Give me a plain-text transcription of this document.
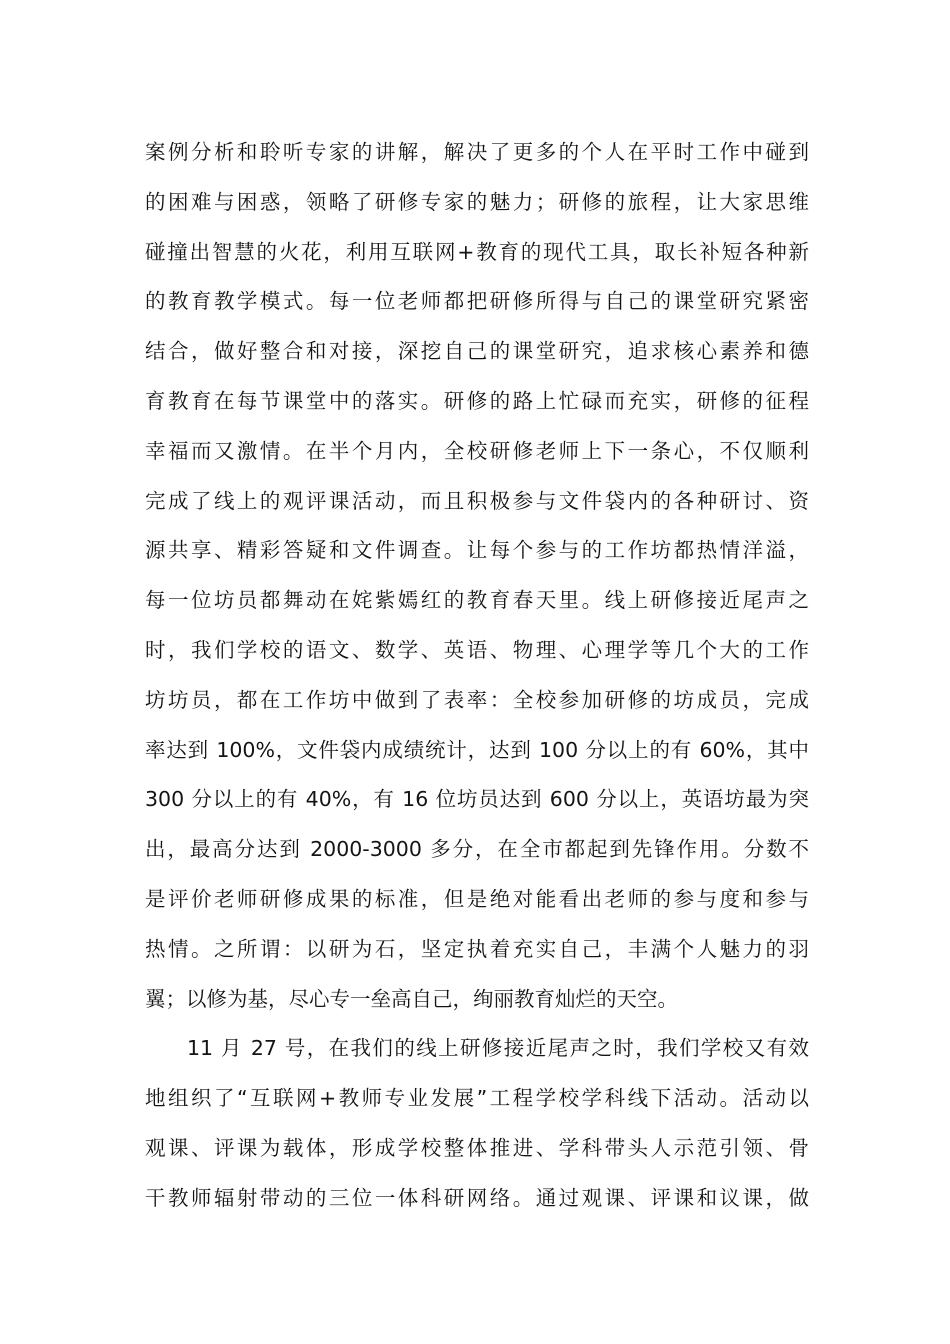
案例分析和聆听专家的讲解，解决了更多的个人在平时工作中碰到
的困难与困惑，领略了研修专家的魅力；研修的旅程，让大家思维
碰撞出智慧的火花，利用互联网+教育的现代工具，取长补短各种新
的教育教学模式。每一位老师都把研修所得与自己的课堂研究紧密
结合，做好整合和对接，深挖自己的课堂研究，追求核心素养和德
育教育在每节课堂中的落实。研修的路上忙碌而充实，研修的征程
幸福而又激情。在半个月内，全校研修老师上下一条心，不仅顺利
完成了线上的观评课活动，而且积极参与文件袋内的各种研讨、资
源共享、精彩答疑和文件调查。让每个参与的工作坊都热情洋溢，
每一位坊员都舞动在姹紫嫣红的教育春天里。线上研修接近尾声之
时，我们学校的语文、数学、英语、物理、心理学等几个大的工作
坊坊员，都在工作坊中做到了表率：全校参加研修的坊成员，完成
率达到 100%，文件袋内成绩统计，达到 100 分以上的有 60%，其中
300 分以上的有 40%，有 16 位坊员达到 600 分以上，英语坊最为突
出，最高分达到 2000-3000 多分，在全市都起到先锋作用。分数不
是评价老师研修成果的标准，但是绝对能看出老师的参与度和参与
热情。之所谓：以研为石，坚定执着充实自己，丰满个人魅力的羽
翼；以修为基，尽心专一垒高自己，绚丽教育灿烂的天空。
11 月 27 号，在我们的线上研修接近尾声之时，我们学校又有效
地组织了“互联网+教师专业发展”工程学校学科线下活动。活动以
观课、评课为载体，形成学校整体推进、学科带头人示范引领、骨
干教师辐射带动的三位一体科研网络。通过观课、评课和议课，做
